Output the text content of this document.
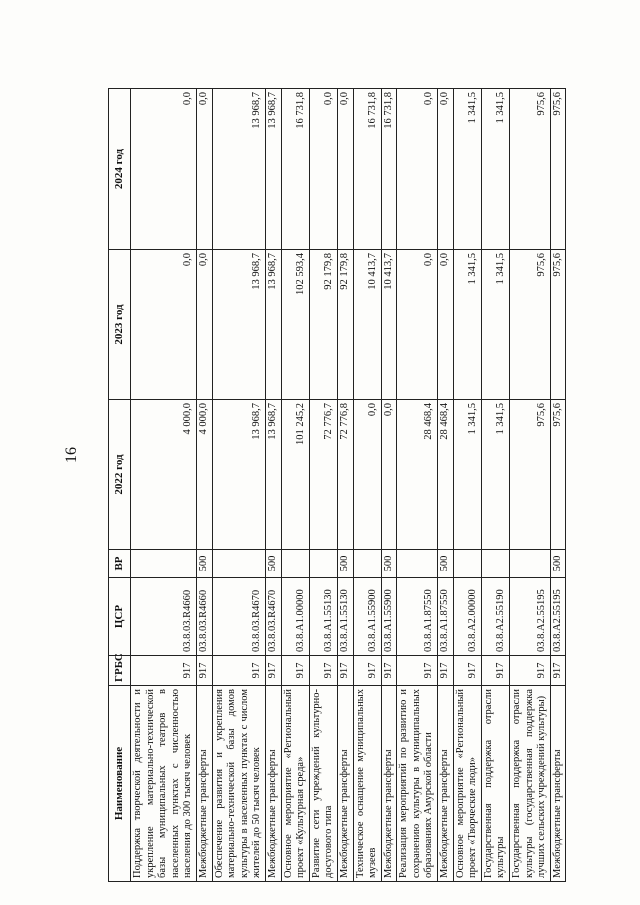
16
Наименование	ГРБС	ЦСР	ВР	2022 год	2023 год	2024 год
Поддержка творческой деятельности и укрепление материально-технической базы муниципальных театров в населенных пунктах с численностью населения до 300 тысяч человек	917	03.8.03.R4660		4 000,0	0,0	0,0
Межбюджетные трансферты	917	03.8.03.R4660	500	4 000,0	0,0	0,0
Обеспечение развития и укрепления материально-технической базы домов культуры в населенных пунктах с числом жителей до 50 тысяч человек	917	03.8.03.R4670		13 968,7	13 968,7	13 968,7
Межбюджетные трансферты	917	03.8.03.R4670	500	13 968,7	13 968,7	13 968,7
Основное мероприятие «Региональный проект «Культурная среда»	917	03.8.A1.00000		101 245,2	102 593,4	16 731,8
Развитие сети учреждений культурно-досугового типа	917	03.8.A1.55130		72 776,7	92 179,8	0,0
Межбюджетные трансферты	917	03.8.A1.55130	500	72 776,8	92 179,8	0,0
Техническое оснащение муниципальных музеев	917	03.8.A1.55900		0,0	10 413,7	16 731,8
Межбюджетные трансферты	917	03.8.A1.55900	500	0,0	10 413,7	16 731,8
Реализация мероприятий по развитию и сохранению культуры в муниципальных образованиях Амурской области	917	03.8.A1.87550		28 468,4	0,0	0,0
Межбюджетные трансферты	917	03.8.A1.87550	500	28 468,4	0,0	0,0
Основное мероприятие «Региональный проект «Творческие люди»	917	03.8.A2.00000		1 341,5	1 341,5	1 341,5
Государственная поддержка отрасли культуры	917	03.8.A2.55190		1 341,5	1 341,5	1 341,5
Государственная поддержка отрасли культуры (государственная поддержка лучших сельских учреждений культуры)	917	03.8.A2.55195		975,6	975,6	975,6
Межбюджетные трансферты	917	03.8.A2.55195	500	975,6	975,6	975,6
